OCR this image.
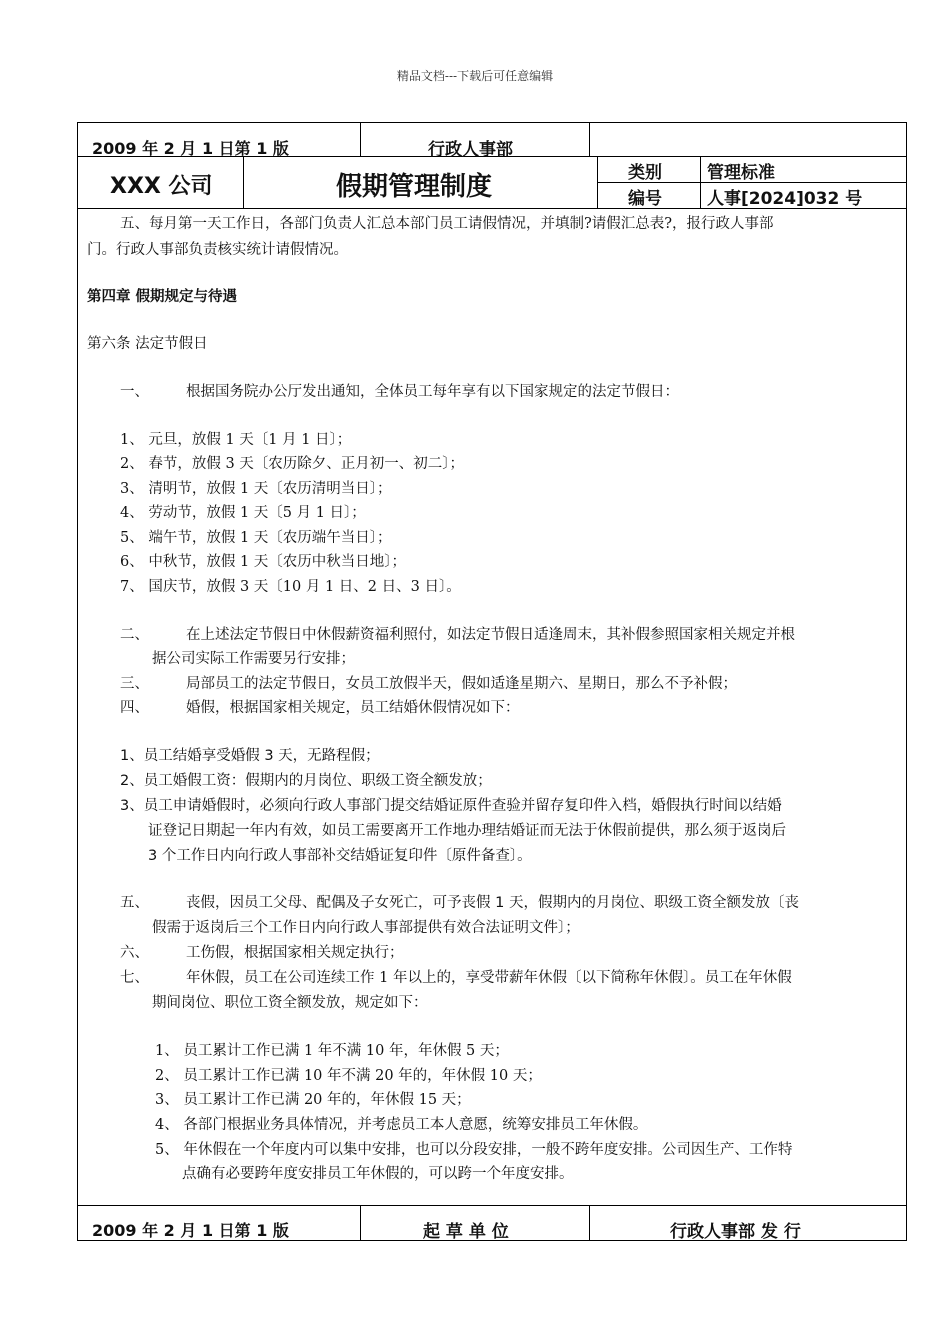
精品文档---下载后可任意编辑
2009 年 2 月 1 日第 1 版	行政人事部
XXX 公司	假期管理制度	类别	管理标准
编号	人事[2024]032 号
五、每月第一天工作日，各部门负责人汇总本部门员工请假情况，并填制?请假汇总表?，报行政人事部
门。行政人事部负责核实统计请假情况。
第四章 假期规定与待遇
第六条 法定节假日
一、	根据国务院办公厅发出通知，全体员工每年享有以下国家规定的法定节假日：
1、 元旦，放假 1 天〔1 月 1 日〕；
2、 春节，放假 3 天〔农历除夕、正月初一、初二〕；
3、 清明节，放假 1 天〔农历清明当日〕；
4、 劳动节，放假 1 天〔5 月 1 日〕；
5、 端午节，放假 1 天〔农历端午当日〕；
6、 中秋节，放假 1 天〔农历中秋当日地〕；
7、 国庆节，放假 3 天〔10 月 1 日、2 日、3 日〕。
二、	在上述法定节假日中休假薪资福利照付，如法定节假日适逢周末，其补假参照国家相关规定并根
据公司实际工作需要另行安排；
三、	局部员工的法定节假日，女员工放假半天，假如适逢星期六、星期日，那么不予补假；
四、	婚假，根据国家相关规定，员工结婚休假情况如下：
1、员工结婚享受婚假 3 天，无路程假；
2、员工婚假工资：假期内的月岗位、职级工资全额发放；
3、员工申请婚假时，必须向行政人事部门提交结婚证原件查验并留存复印件入档，婚假执行时间以结婚
证登记日期起一年内有效，如员工需要离开工作地办理结婚证而无法于休假前提供，那么须于返岗后
3 个工作日内向行政人事部补交结婚证复印件〔原件备查〕。
五、	丧假，因员工父母、配偶及子女死亡，可予丧假 1 天，假期内的月岗位、职级工资全额发放〔丧
假需于返岗后三个工作日内向行政人事部提供有效合法证明文件〕；
六、	工伤假，根据国家相关规定执行；
七、	年休假，员工在公司连续工作 1 年以上的，享受带薪年休假〔以下简称年休假〕。员工在年休假
期间岗位、职位工资全额发放，规定如下：
1、 员工累计工作已满 1 年不满 10 年，年休假 5 天；
2、 员工累计工作已满 10 年不满 20 年的，年休假 10 天；
3、 员工累计工作已满 20 年的，年休假 15 天；
4、 各部门根据业务具体情况，并考虑员工本人意愿，统筹安排员工年休假。
5、 年休假在一个年度内可以集中安排，也可以分段安排，一般不跨年度安排。公司因生产、工作特
点确有必要跨年度安排员工年休假的，可以跨一个年度安排。
2009 年 2 月 1 日第 1 版	起 草 单 位	行政人事部 发 行
